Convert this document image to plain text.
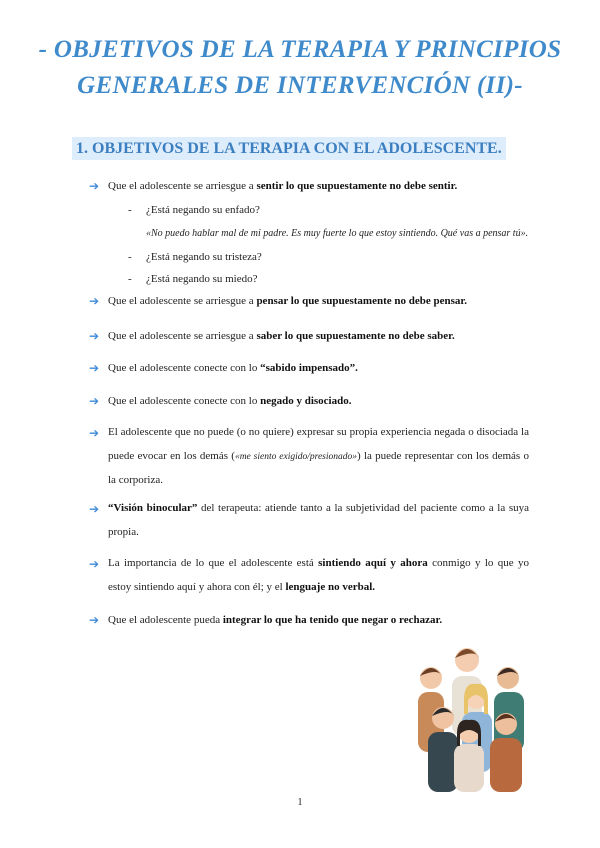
- OBJETIVOS DE LA TERAPIA Y PRINCIPIOS
GENERALES DE INTERVENCIÓN (II)-
1. OBJETIVOS DE LA TERAPIA CON EL ADOLESCENTE.
➔ Que el adolescente se arriesgue a sentir lo que supuestamente no debe sentir.
- ¿Está negando su enfado?
«No puedo hablar mal de mi padre. Es muy fuerte lo que estoy sintiendo. Qué vas a pensar tú».
- ¿Está negando su tristeza?
- ¿Está negando su miedo?
➔ Que el adolescente se arriesgue a pensar lo que supuestamente no debe pensar.
➔ Que el adolescente se arriesgue a saber lo que supuestamente no debe saber.
➔ Que el adolescente conecte con lo “sabido impensado”.
➔ Que el adolescente conecte con lo negado y disociado.
➔ El adolescente que no puede (o no quiere) expresar su propia experiencia negada o disociada la puede evocar en los demás («me siento exigido/presionado») la puede representar con los demás o la corporiza.
➔ “Visión binocular” del terapeuta: atiende tanto a la subjetividad del paciente como a la suya propia.
➔ La importancia de lo que el adolescente está sintiendo aquí y ahora conmigo y lo que yo estoy sintiendo aquí y ahora con él; y el lenguaje no verbal.
➔ Que el adolescente pueda integrar lo que ha tenido que negar o rechazar.
1
